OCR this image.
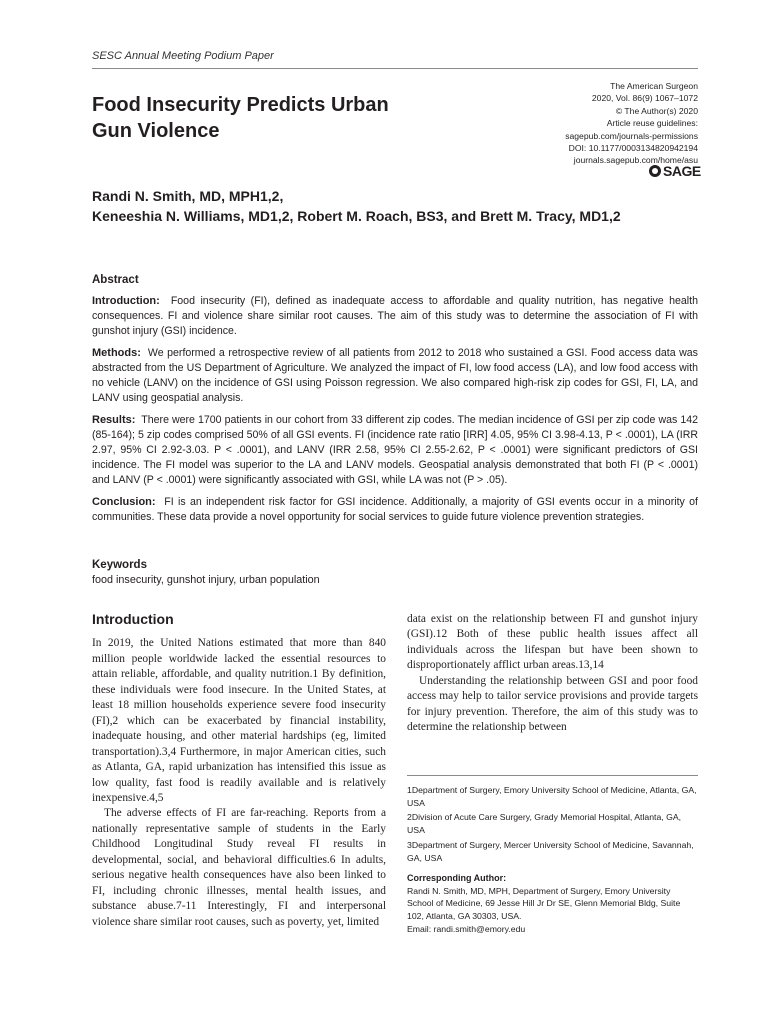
SESC Annual Meeting Podium Paper
Food Insecurity Predicts Urban
Gun Violence
The American Surgeon
2020, Vol. 86(9) 1067–1072
© The Author(s) 2020
Article reuse guidelines:
sagepub.com/journals-permissions
DOI: 10.1177/0003134820942194
journals.sagepub.com/home/asu
SAGE
Randi N. Smith, MD, MPH1,2,
Keneeshia N. Williams, MD1,2, Robert M. Roach, BS3, and Brett M. Tracy, MD1,2
Abstract

Introduction: Food insecurity (FI), defined as inadequate access to affordable and quality nutrition, has negative health consequences. FI and violence share similar root causes. The aim of this study was to determine the association of FI with gunshot injury (GSI) incidence.

Methods: We performed a retrospective review of all patients from 2012 to 2018 who sustained a GSI. Food access data was abstracted from the US Department of Agriculture. We analyzed the impact of FI, low food access (LA), and low food access with no vehicle (LANV) on the incidence of GSI using Poisson regression. We also compared high-risk zip codes for GSI, FI, LA, and LANV using geospatial analysis.

Results: There were 1700 patients in our cohort from 33 different zip codes. The median incidence of GSI per zip code was 142 (85-164); 5 zip codes comprised 50% of all GSI events. FI (incidence rate ratio [IRR] 4.05, 95% CI 3.98-4.13, P < .0001), LA (IRR 2.97, 95% CI 2.92-3.03. P < .0001), and LANV (IRR 2.58, 95% CI 2.55-2.62, P < .0001) were significant predictors of GSI incidence. The FI model was superior to the LA and LANV models. Geospatial analysis demonstrated that both FI (P < .0001) and LANV (P < .0001) were significantly associated with GSI, while LA was not (P > .05).

Conclusion: FI is an independent risk factor for GSI incidence. Additionally, a majority of GSI events occur in a minority of communities. These data provide a novel opportunity for social services to guide future violence prevention strategies.

Keywords
food insecurity, gunshot injury, urban population
Introduction

In 2019, the United Nations estimated that more than 840 million people worldwide lacked the essential resources to attain reliable, affordable, and quality nutrition.1 By definition, these individuals were food insecure. In the United States, at least 18 million households experience severe food insecurity (FI),2 which can be exacerbated by financial instability, inadequate housing, and other material hardships (eg, limited transportation).3,4 Furthermore, in major American cities, such as Atlanta, GA, rapid urbanization has intensified this issue as low quality, fast food is readily available and is relatively inexpensive.4,5

The adverse effects of FI are far-reaching. Reports from a nationally representative sample of students in the Early Childhood Longitudinal Study reveal FI results in developmental, social, and behavioral difficulties.6 In adults, serious negative health consequences have also been linked to FI, including chronic illnesses, mental health issues, and substance abuse.7-11 Interestingly, FI and interpersonal violence share similar root causes, such as poverty, yet, limited

data exist on the relationship between FI and gunshot injury (GSI).12 Both of these public health issues affect all individuals across the lifespan but have been shown to disproportionately afflict urban areas.13,14

Understanding the relationship between GSI and poor food access may help to tailor service provisions and provide targets for injury prevention. Therefore, the aim of this study was to determine the relationship between

1Department of Surgery, Emory University School of Medicine, Atlanta, GA, USA
2Division of Acute Care Surgery, Grady Memorial Hospital, Atlanta, GA, USA
3Department of Surgery, Mercer University School of Medicine, Savannah, GA, USA
Corresponding Author:
Randi N. Smith, MD, MPH, Department of Surgery, Emory University School of Medicine, 69 Jesse Hill Jr Dr SE, Glenn Memorial Bldg, Suite 102, Atlanta, GA 30303, USA.
Email: randi.smith@emory.edu
